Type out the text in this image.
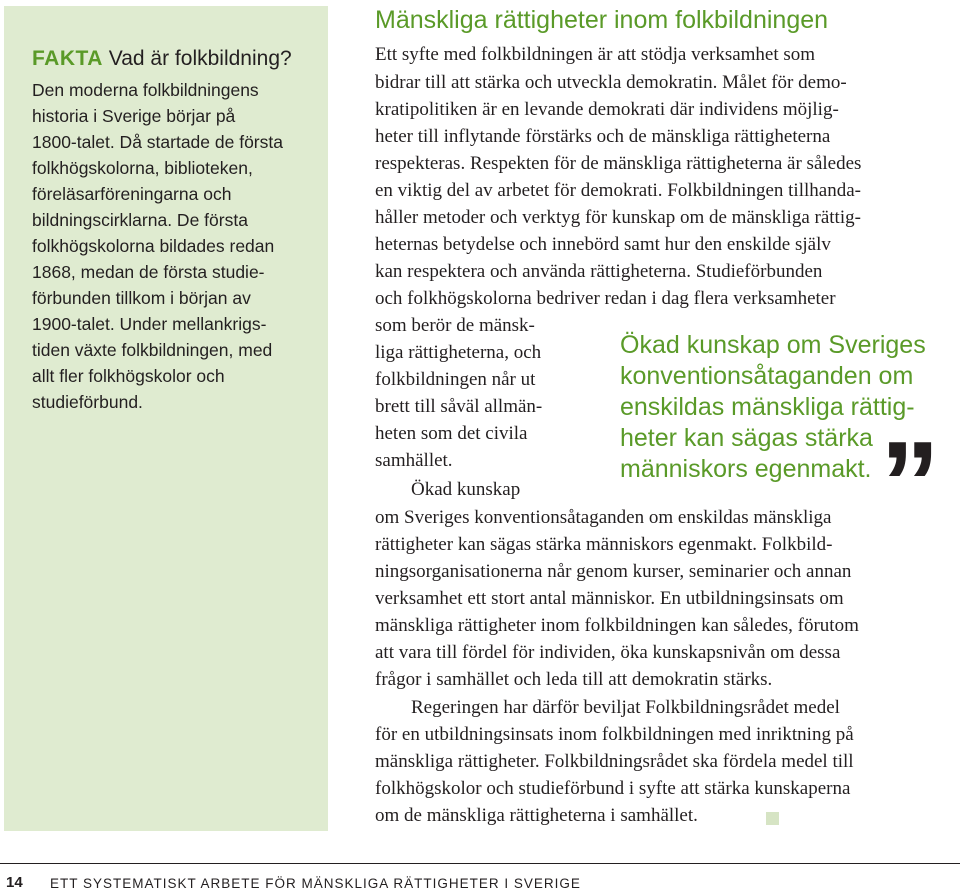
FAKTA Vad är folkbildning?
Den moderna folkbildningens
historia i Sverige börjar på
1800-talet. Då startade de första
folkhögskolorna, biblioteken,
föreläsarföreningarna och
bildningscirklarna. De första
folkhögskolorna bildades redan
1868, medan de första studie-
förbunden tillkom i början av
1900-talet. Under mellankrigs-
tiden växte folkbildningen, med
allt fler folkhögskolor och
studieförbund.
Mänskliga rättigheter inom folkbildningen
Ett syfte med folkbildningen är att stödja verksamhet som
bidrar till att stärka och utveckla demokratin. Målet för demo-
kratipolitiken är en levande demokrati där individens möjlig-
heter till inflytande förstärks och de mänskliga rättigheterna
respekteras. Respekten för de mänskliga rättigheterna är således
en viktig del av arbetet för demokrati. Folkbildningen tillhanda-
håller metoder och verktyg för kunskap om de mänskliga rättig-
heternas betydelse och innebörd samt hur den enskilde själv
kan respektera och använda rättigheterna. Studieförbunden
och folkhögskolorna bedriver redan i dag flera verksamheter
som berör de mänsk-
liga rättigheterna, och
folkbildningen når ut
brett till såväl allmän-
heten som det civila
samhället.
Ökad kunskap
om Sveriges konventionsåtaganden om enskildas mänskliga
rättigheter kan sägas stärka människors egenmakt. Folkbild-
ningsorganisationerna når genom kurser, seminarier och annan
verksamhet ett stort antal människor. En utbildningsinsats om
mänskliga rättigheter inom folkbildningen kan således, förutom
att vara till fördel för individen, öka kunskapsnivån om dessa
frågor i samhället och leda till att demokratin stärks.
Regeringen har därför beviljat Folkbildningsrådet medel
för en utbildningsinsats inom folkbildningen med inriktning på
mänskliga rättigheter. Folkbildningsrådet ska fördela medel till
folkhögskolor och studieförbund i syfte att stärka kunskaperna
om de mänskliga rättigheterna i samhället.
Ökad kunskap om Sveriges
konventionsåtaganden om
enskildas mänskliga rättig-
heter kan sägas stärka
människors egenmakt. ”
14 ETT SYSTEMATISKT ARBETE FÖR MÄNSKLIGA RÄTTIGHETER I SVERIGE
